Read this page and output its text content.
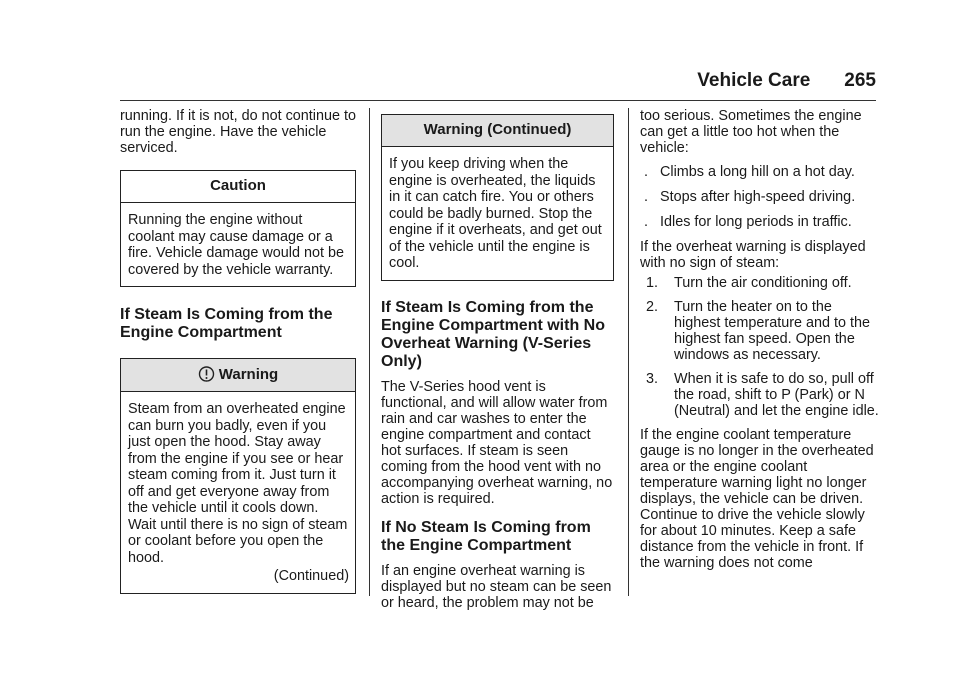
Vehicle Care 265

running. If it is not, do not continue to run the engine. Have the vehicle serviced.

Caution
Running the engine without coolant may cause damage or a fire. Vehicle damage would not be covered by the vehicle warranty.
If Steam Is Coming from the Engine Compartment
Warning

Steam from an overheated engine can burn you badly, even if you just open the hood. Stay away from the engine if you see or hear steam coming from it. Just turn it off and get everyone away from the vehicle until it cools down. Wait until there is no sign of steam or coolant before you open the hood.

(Continued)

Warning (Continued)
If you keep driving when the engine is overheated, the liquids in it can catch fire. You or others could be badly burned. Stop the engine if it overheats, and get out of the vehicle until the engine is cool.
If Steam Is Coming from the Engine Compartment with No Overheat Warning (V-Series Only)

The V-Series hood vent is functional, and will allow water from rain and car washes to enter the engine compartment and contact hot surfaces. If steam is seen coming from the hood vent with no accompanying overheat warning, no action is required.

If No Steam Is Coming from the Engine Compartment

If an engine overheat warning is displayed but no steam can be seen or heard, the problem may not be

too serious. Sometimes the engine can get a little too hot when the vehicle:

. Climbs a long hill on a hot day.
. Stops after high-speed driving.
. Idles for long periods in traffic.

If the overheat warning is displayed with no sign of steam:

1. Turn the air conditioning off.
2. Turn the heater on to the highest temperature and to the highest fan speed. Open the windows as necessary.
3. When it is safe to do so, pull off the road, shift to P (Park) or N (Neutral) and let the engine idle.

If the engine coolant temperature gauge is no longer in the overheated area or the engine coolant temperature warning light no longer displays, the vehicle can be driven. Continue to drive the vehicle slowly for about 10 minutes. Keep a safe distance from the vehicle in front. If the warning does not come
